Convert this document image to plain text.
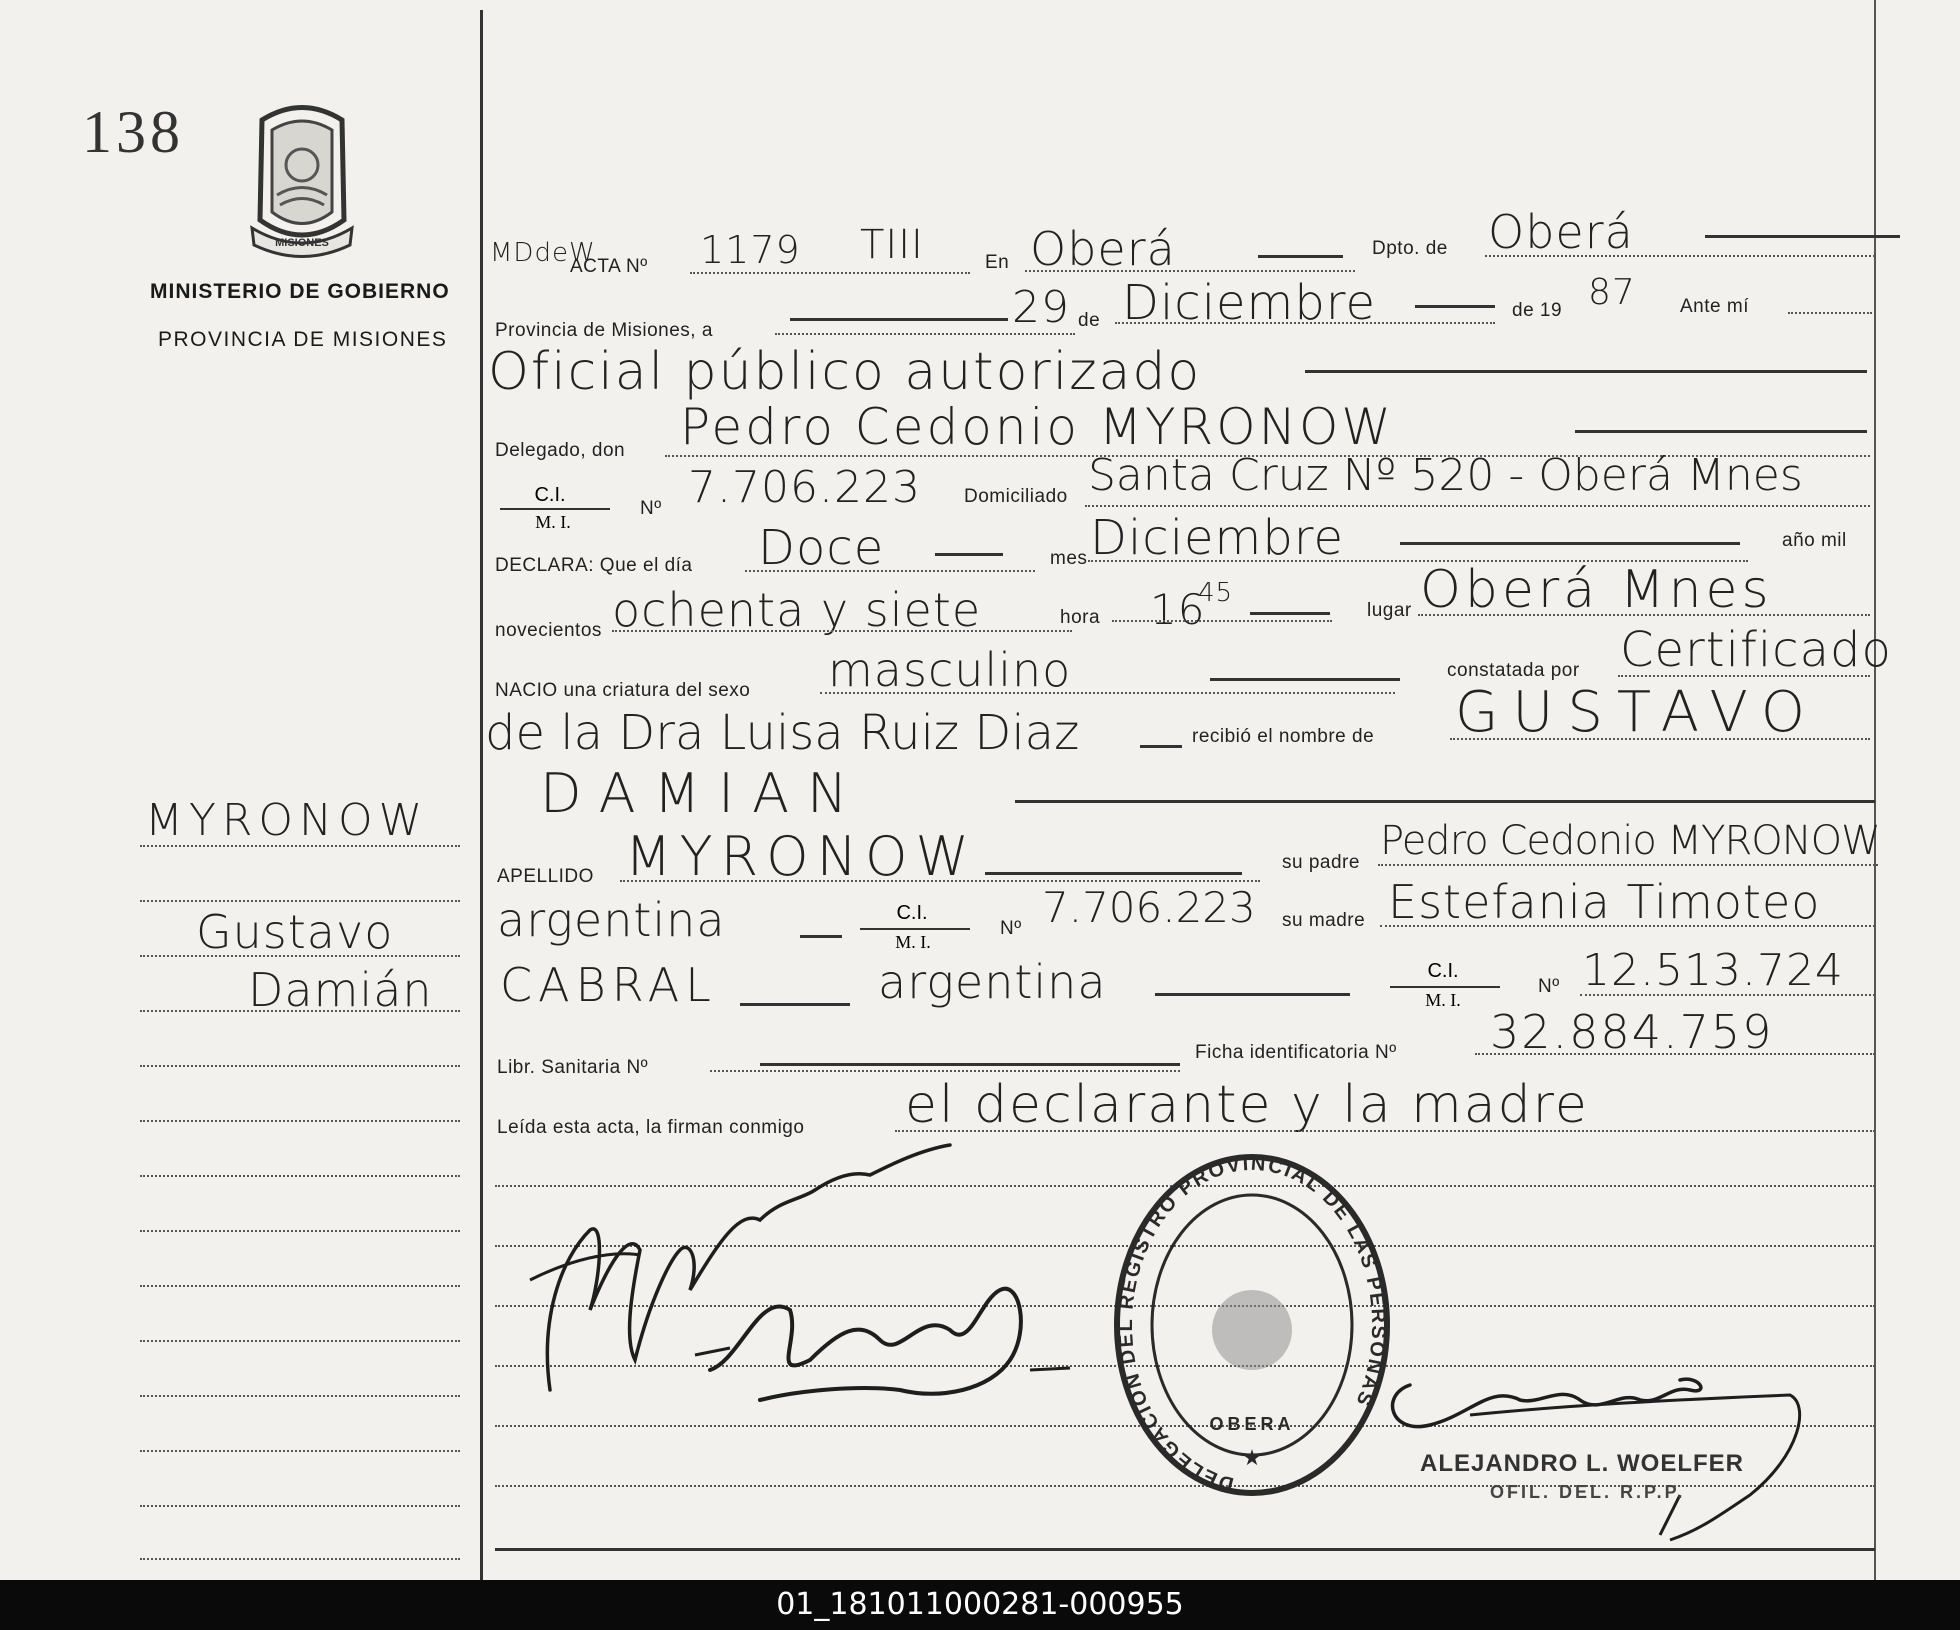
138
MISIONES
MINISTERIO DE GOBIERNO
PROVINCIA DE MISIONES
MYRONOW
Gustavo
Damián
MDdeW
ACTA Nº 1179 TIII	En Oberá	Dpto. de Oberá
Provincia de Misiones, a	29 de Diciembre	de 19 87 Ante mí
Oficial público autorizado
Delegado, don Pedro Cedonio MYRONOW
C.I.
M. I.
Nº 7.706.223 Domiciliado Santa Cruz Nº 520 - Oberá Mnes
DECLARA: Que el día Doce	mes Diciembre	año mil
novecientos ochenta y siete	hora 16
45
lugar Oberá Mnes
NACIO una criatura del sexo masculino	constatada por Certificado
de la Dra Luisa Ruiz Diaz	recibió el nombre de GUSTAVO
DAMIAN
APELLIDO MYRONOW	su padre Pedro Cedonio MYRONOW
argentina	C.I.
M. I.
Nº 7.706.223 su madre Estefania Timoteo
CABRAL	argentina	C.I.
M. I.
Nº 12.513.724
Libr. Sanitaria Nº
Ficha identificatoria Nº 32.884.759
Leída esta acta, la firman conmigo el declarante y la madre
DELEGACION DEL REGISTRO PROVINCIAL DE LAS PERSONAS
OBERA
★	ALEJANDRO L. WOELFER
OFIL. DEL. R.P.P.
01_181011000281-000955
